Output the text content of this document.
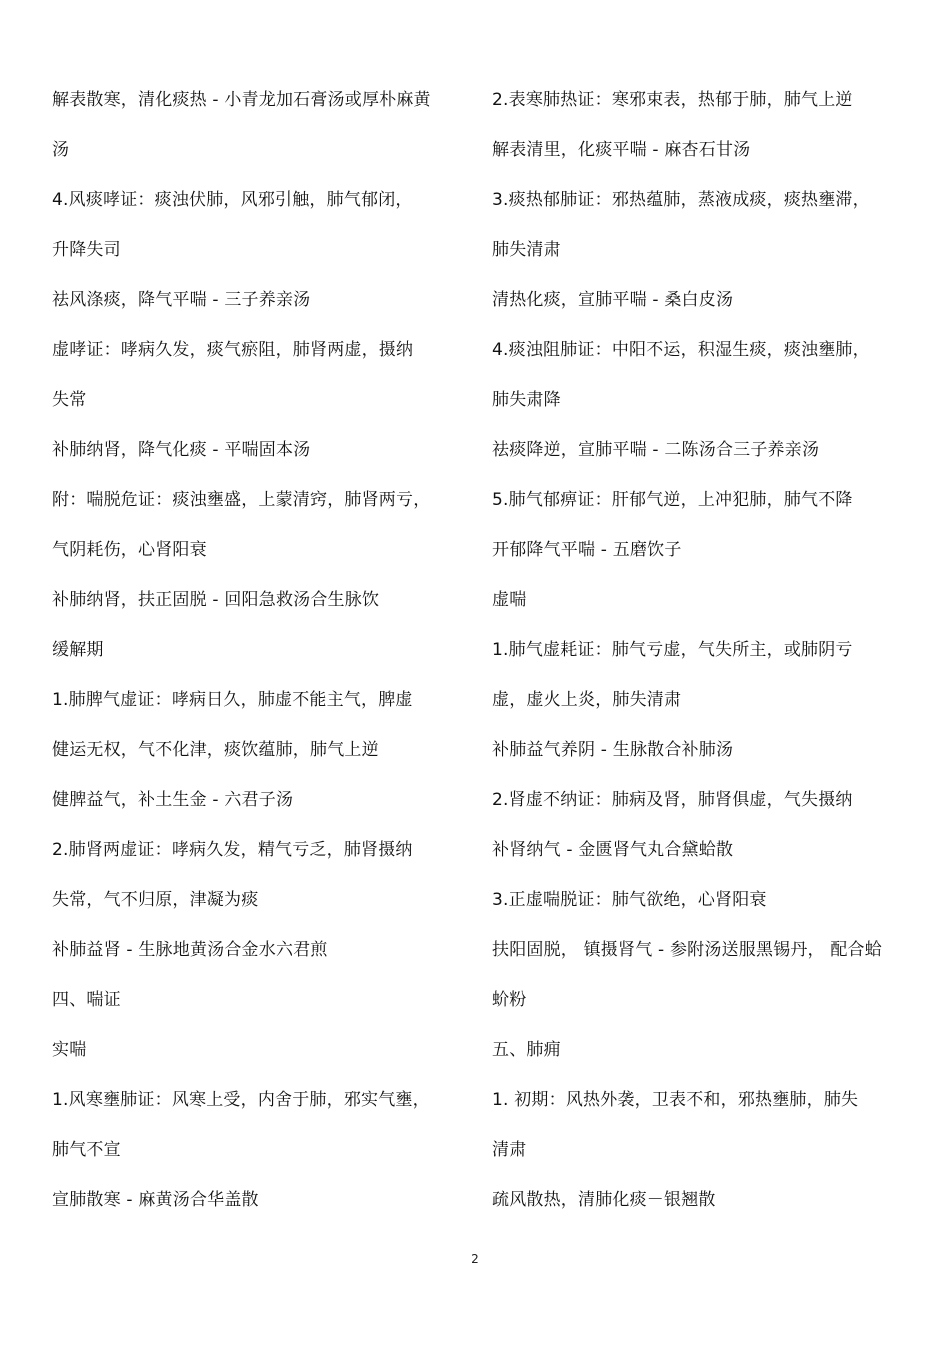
解表散寒，清化痰热 - 小青龙加石膏汤或厚朴麻黄
汤
4.风痰哮证：痰浊伏肺，风邪引触，肺气郁闭，
升降失司
祛风涤痰，降气平喘 - 三子养亲汤
虚哮证：哮病久发，痰气瘀阻，肺肾两虚，摄纳
失常
补肺纳肾，降气化痰 - 平喘固本汤
附：喘脱危证：痰浊壅盛，上蒙清窍，肺肾两亏，
气阴耗伤，心肾阳衰
补肺纳肾，扶正固脱 - 回阳急救汤合生脉饮
缓解期
1.肺脾气虚证：哮病日久，肺虚不能主气，脾虚
健运无权，气不化津，痰饮蕴肺，肺气上逆
健脾益气，补土生金 - 六君子汤
2.肺肾两虚证：哮病久发，精气亏乏，肺肾摄纳
失常，气不归原，津凝为痰
补肺益肾 - 生脉地黄汤合金水六君煎
四、喘证
实喘
1.风寒壅肺证：风寒上受，内舍于肺，邪实气壅，
肺气不宣
宣肺散寒 - 麻黄汤合华盖散
2.表寒肺热证：寒邪束表，热郁于肺，肺气上逆
解表清里，化痰平喘 - 麻杏石甘汤
3.痰热郁肺证：邪热蕴肺，蒸液成痰，痰热壅滞，
肺失清肃
清热化痰，宣肺平喘 - 桑白皮汤
4.痰浊阻肺证：中阳不运，积湿生痰，痰浊壅肺，
肺失肃降
祛痰降逆，宣肺平喘 - 二陈汤合三子养亲汤
5.肺气郁痹证：肝郁气逆，上冲犯肺，肺气不降
开郁降气平喘 - 五磨饮子
虚喘
1.肺气虚耗证：肺气亏虚，气失所主，或肺阴亏
虚，虚火上炎，肺失清肃
补肺益气养阴 - 生脉散合补肺汤
2.肾虚不纳证：肺病及肾，肺肾俱虚，气失摄纳
补肾纳气 - 金匮肾气丸合黛蛤散
3.正虚喘脱证：肺气欲绝，心肾阳衰
扶阳固脱， 镇摄肾气 - 参附汤送服黑锡丹， 配合蛤
蚧粉
五、肺痈
1. 初期：风热外袭，卫表不和，邪热壅肺，肺失
清肃
疏风散热，清肺化痰－银翘散
2
